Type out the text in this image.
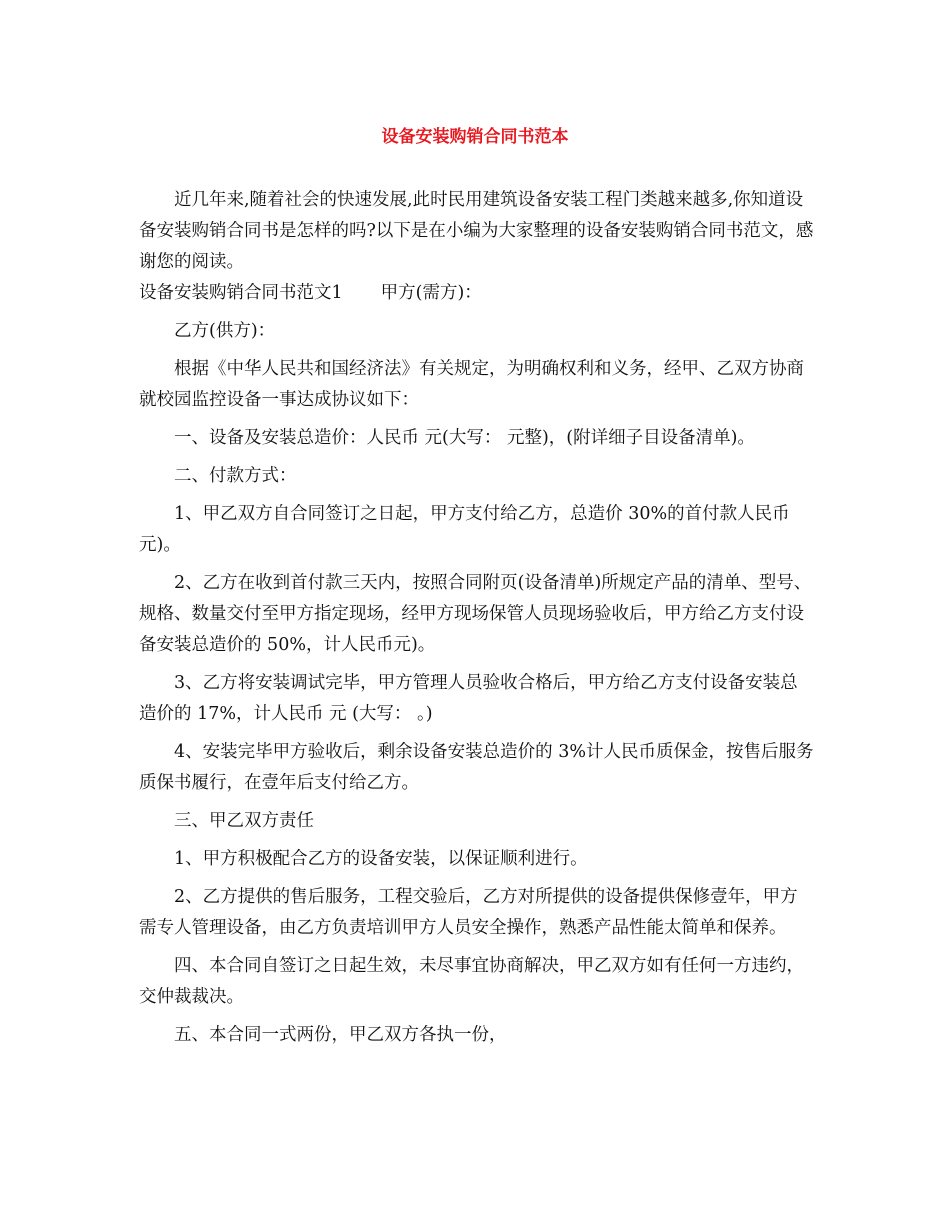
设备安装购销合同书范本

近几年来,随着社会的快速发展,此时民用建筑设备安装工程门类越来越多,你知道设备安装购销合同书是怎样的吗?以下是在小编为大家整理的设备安装购销合同书范文，感谢您的阅读。

设备安装购销合同书范文1 甲方(需方)：

乙方(供方)：

根据《中华人民共和国经济法》有关规定，为明确权利和义务，经甲、乙双方协商就校园监控设备一事达成协议如下：

一、设备及安装总造价：人民币 元(大写： 元整)，(附详细子目设备清单)。

二、付款方式：

1、甲乙双方自合同签订之日起，甲方支付给乙方，总造价 30%的首付款人民币元)。

2、乙方在收到首付款三天内，按照合同附页(设备清单)所规定产品的清单、型号、规格、数量交付至甲方指定现场，经甲方现场保管人员现场验收后，甲方给乙方支付设备安装总造价的 50%，计人民币元)。

3、乙方将安装调试完毕，甲方管理人员验收合格后，甲方给乙方支付设备安装总造价的 17%，计人民币 元 (大写： 。)

4、安装完毕甲方验收后，剩余设备安装总造价的 3%计人民币质保金，按售后服务质保书履行，在壹年后支付给乙方。

三、甲乙双方责任

1、甲方积极配合乙方的设备安装，以保证顺利进行。

2、乙方提供的售后服务，工程交验后，乙方对所提供的设备提供保修壹年，甲方需专人管理设备，由乙方负责培训甲方人员安全操作，熟悉产品性能太简单和保养。

四、本合同自签订之日起生效，未尽事宜协商解决，甲乙双方如有任何一方违约，交仲裁裁决。

五、本合同一式两份，甲乙双方各执一份，
